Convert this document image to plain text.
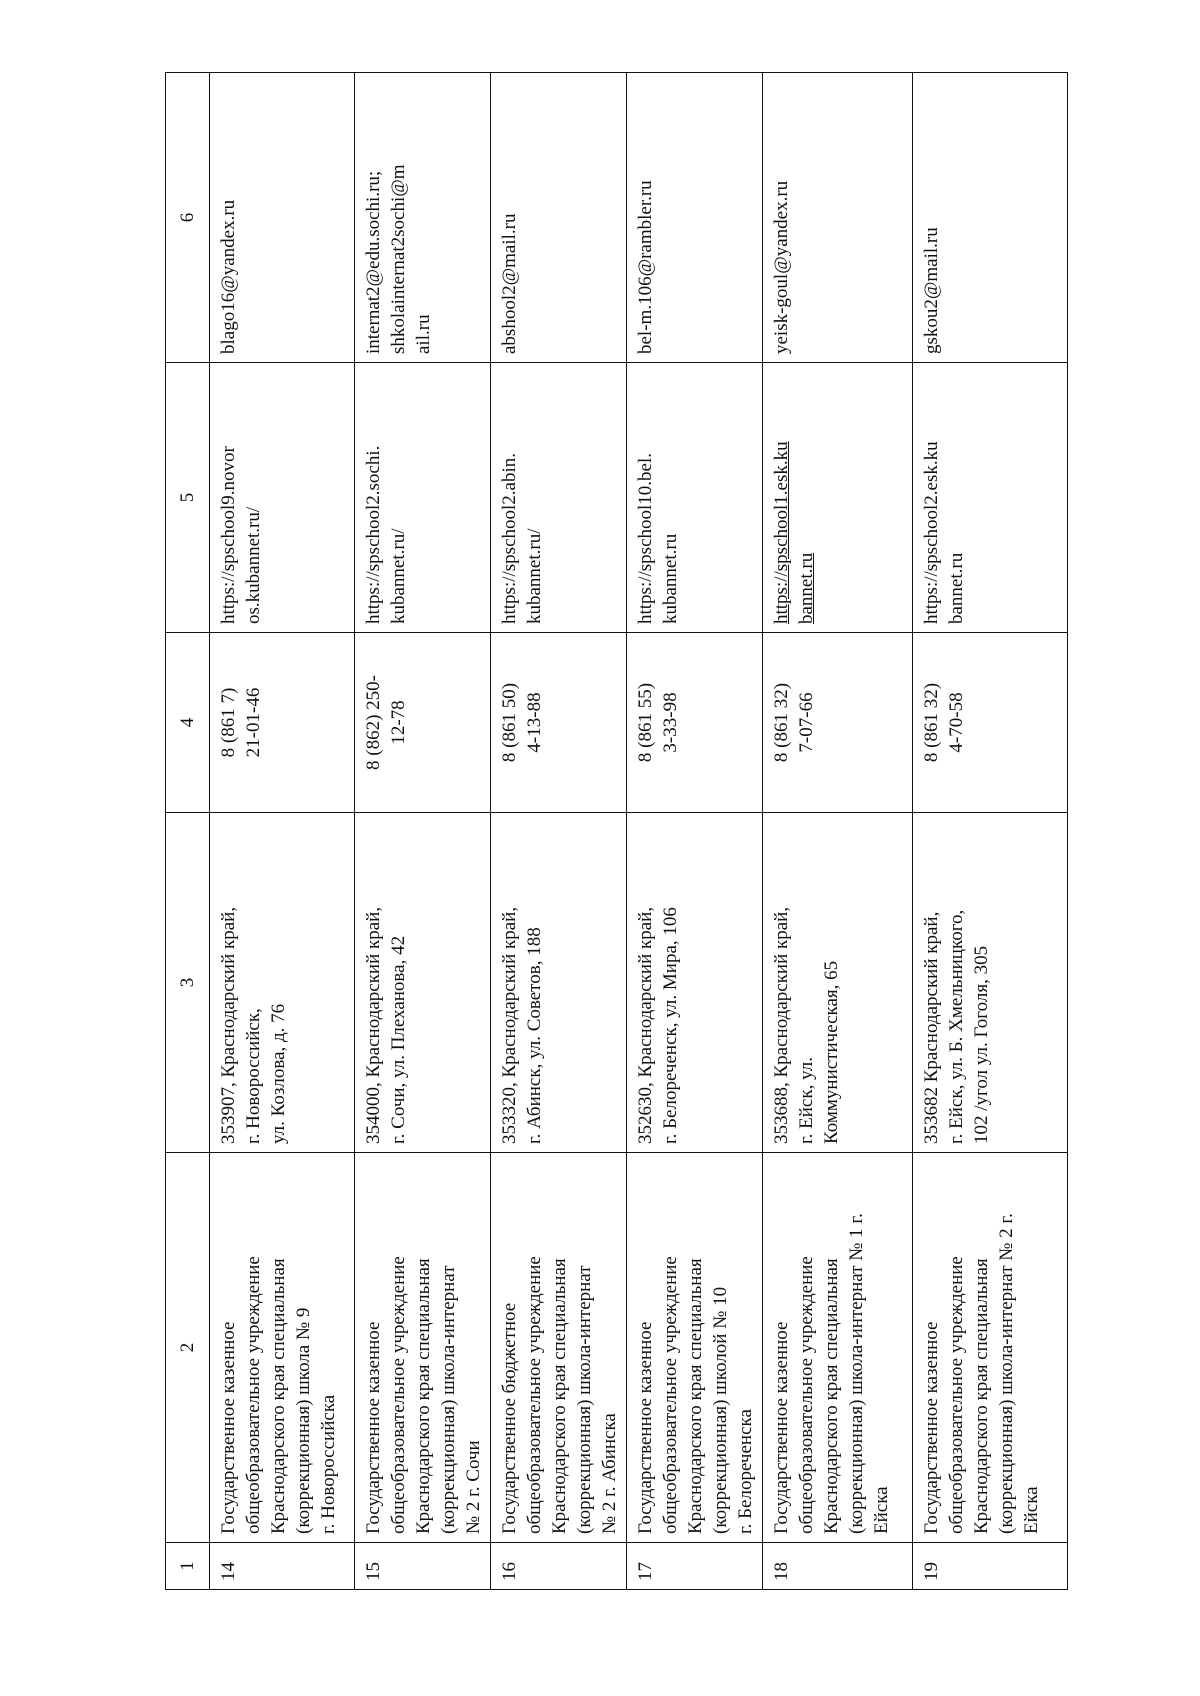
1	2	3	4	5	6
14	Государственное казенное общеобразовательное учреждение Краснодарского края специальная (коррекционная) школа № 9 г. Новороссийска	353907, Краснодарский край, г. Новороссийск, ул. Козлова, д. 76	8 (861 7) 21-01-46	https://spschool9.novor os.kubannet.ru/	blago16@yandex.ru

15	Государственное казенное общеобразовательное учреждение Краснодарского края специальная (коррекционная) школа-интернат № 2 г. Сочи	354000, Краснодарский край, г. Сочи, ул. Плеханова, 42	8 (862) 250- 12-78	https://spschool2.sochi. kubannet.ru/	internat2@edu.sochi.ru; shkolainternat2sochi@m ail.ru

16	Государственное бюджетное общеобразовательное учреждение Краснодарского края специальная (коррекционная) школа-интернат № 2 г. Абинска	353320, Краснодарский край, г. Абинск, ул. Советов, 188	8 (861 50) 4-13-88	https://spschool2.abin. kubannet.ru/	abshool2@mail.ru

17	Государственное казенное общеобразовательное учреждение Краснодарского края специальная (коррекционная) школой № 10 г. Белореченска	352630, Краснодарский край, г. Белореченск, ул. Мира, 106	8 (861 55) 3-33-98	https://spschool10.bel. kubannet.ru	bel-m.106@rambler.ru

18	Государственное казенное общеобразовательное учреждение Краснодарского края специальная (коррекционная) школа-интернат № 1 г. Ейска	353688, Краснодарский край, г. Ейск, ул. Коммунистическая, 65	8 (861 32) 7-07-66	https://spschool1.esk.ku bannet.ru	yeisk-goul@yandex.ru

19	Государственное казенное общеобразовательное учреждение Краснодарского края специальная (коррекционная) школа-интернат № 2 г. Ейска	353682 Краснодарский край, г. Ейск, ул. Б. Хмельницкого, 102 /угол ул. Гоголя, 305	8 (861 32) 4-70-58	https://spschool2.esk.ku bannet.ru	gskou2@mail.ru
